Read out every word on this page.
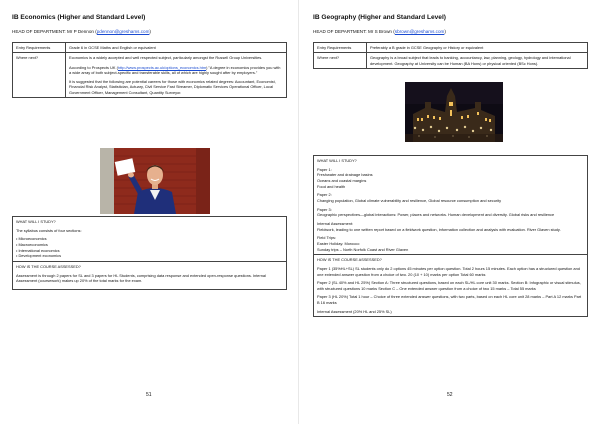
IB Economics (Higher and Standard Level)
HEAD OF DEPARTMENT: Mr P Dennon (pdennon@greshams.com)
Entry Requirements	Grade 6 in GCSE Maths and English or equivalent
Where next?	Economics is a widely accepted and well respected subject, particularly amongst the Russell Group Universities.
According to Prospects UK (http://www.prospects.ac.uk/options_economics.htm) "A degree in economics provides you with a wide array of both subject-specific and transferable skills, all of which are highly sought after by employers."
It is suggested that the following are potential careers for those with economics related degrees: Accountant, Economist, Financial Risk Analyst, Statistician, Actuary, Civil Service Fast Streamer, Diplomatic Services Operational Officer, Local Government Officer, Management Consultant, Quantity Surveyor.

WHAT WILL I STUDY?

The syllabus consists of four sections:

• Microeconomics
• Macroeconomics
• International economics
• Development economics

HOW IS THE COURSE ASSESSED?

Assessment is through 2 papers for SL and 3 papers for HL Students, comprising data response and extended open-response questions. Internal Assessment (coursework) makes up 20% of the total marks for the exam.

51
IB Geography (Higher and Standard Level)
HEAD OF DEPARTMENT: Mr S Brown (sbrown@greshams.com)
Entry Requirements	Preferably a B grade in GCSE Geography or History or equivalent
Where next?	Geography is a broad subject that leads to banking, accountancy, law, planning, geology, hydrology and international development. Geography at University can be Human (BA Hons) or physical oriented (BSc Hons).

WHAT WILL I STUDY?

Paper 1:
Freshwater and drainage basins
Oceans and coastal margins

Food and health

Paper 2:

Changing population, Global climate vulnerability and resilience, Global resource consumption and security

Paper 3:

Geographic perspectives—global interactions: Power, places and networks. Human development and diversity. Global risks and resilience

Internal Assessment:

Fieldwork, leading to one written report based on a fieldwork question, information collection and analysis with evaluation. River Glaven study.

Field Trips:
Easter Holiday: Morocco
Sunday trips – North Norfolk Coast and River Glaven

HOW IS THE COURSE ASSESSED?

Paper 1 (35%HL+SL) SL students only do 2 options 45 minutes per option question. Total 2 hours 15 minutes. Each option has a structured question and one extended answer question from a choice of two. 20 (10 + 10) marks per option Total 60 marks

Paper 2 (SL 40% and HL 25%) Section A: Three structured questions, based on each SL/HL core unit 30 marks. Section B: Infographic or visual stimulus, with structured questions 10 marks Section C – One extended answer question from a choice of two 15 marks – Total 55 marks

Paper 3 (HL 20%) Total 1 hour – Choice of three extended answer questions, with two parts, based on each HL core unit 28 marks – Part A 12 marks Part B 16 marks

Internal Assessment (20% HL and 25% SL)

52
